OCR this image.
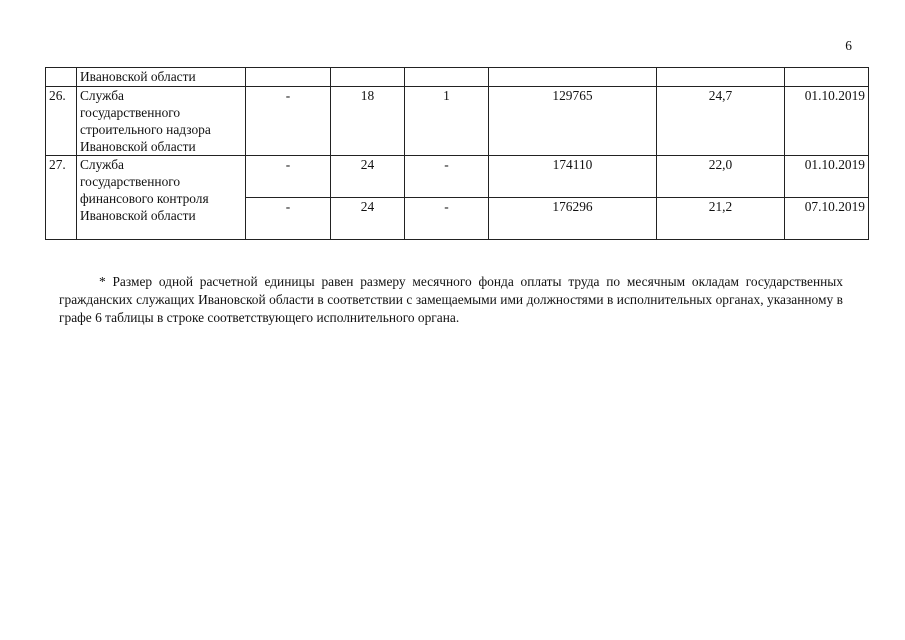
6
	Ивановской области						
26.	Служба
государственного
строительного надзора
Ивановской области	-	18	1	129765	24,7	01.10.2019
27.	Служба
государственного
финансового контроля
Ивановской области	-	24	-	174110	22,0	01.10.2019
		-	24	-	176296	21,2	07.10.2019

* Размер одной расчетной единицы равен размеру месячного фонда оплаты труда по месячным окладам государственных гражданских служащих Ивановской области в соответствии с замещаемыми ими должностями в исполнительных органах, указанному в графе 6 таблицы в строке соответствующего исполнительного органа.
